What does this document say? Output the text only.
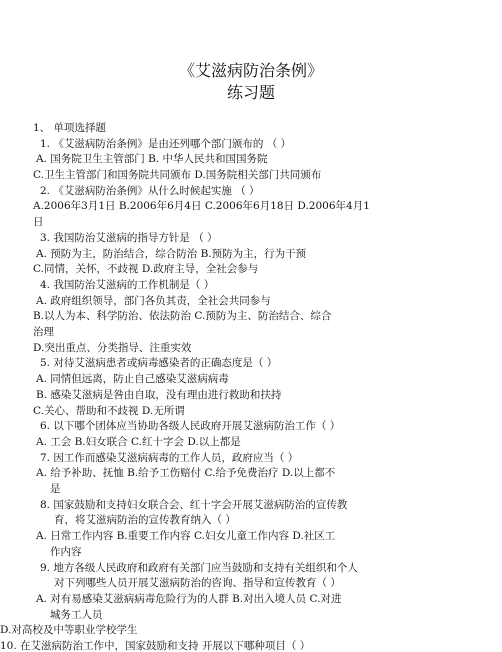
《艾滋病防治条例》
练习题
1、 单项选择题
1. 《艾滋病防治条例》是由还列哪个部门颁布的 （ ）
A. 国务院卫生主管部门 B. 中华人民共和国国务院
C.卫生主管部门和国务院共同颁布 D.国务院相关部门共同颁布
2. 《艾滋病防治条例》从什么时候起实施 （ ）
A.2006年3月1日 B.2006年6月4日 C.2006年6月18日 D.2006年4月1
日
3. 我国防治艾滋病的指导方针是 （ ）
A. 预防为主，防治结合，综合防治 B.预防为主，行为干预
C.同情，关怀，不歧视 D.政府主导，全社会参与
4. 我国防治艾滋病的工作机制是（ ）
A. 政府组织领导，部门各负其责，全社会共同参与
B.以人为本、科学防治、依法防治 C.预防为主、防治结合、综合
治理
D.突出重点、分类指导、注重实效
5. 对待艾滋病患者或病毒感染者的正确态度是（ ）
A. 同情但远离，防止自己感染艾滋病病毒
B. 感染艾滋病是咎由自取，没有理由进行救助和扶持
C.关心、帮助和不歧视 D.无所谓
6. 以下哪个团体应当协助各级人民政府开展艾滋病防治工作（ ）
A. 工会 B.妇女联合 C.红十字会 D.以上都是
7. 因工作而感染艾滋病病毒的工作人员，政府应当（ ）
A. 给予补助、抚恤 B.给予工伤赔付 C.给予免费治疗 D.以上都不
是
8. 国家鼓励和支持妇女联合会、红十字会开展艾滋病防治的宣传教
育，将艾滋病防治的宣传教育纳入（ ）
A. 日常工作内容 B.重要工作内容 C.妇女儿童工作内容 D.社区工
作内容
9. 地方各级人民政府和政府有关部门应当鼓励和支持有关组织和个人
对下列哪些人员开展艾滋病防治的咨询、指导和宣传教育（ ）
A. 对有易感染艾滋病病毒危险行为的人群 B.对出入境人员 C.对进
城务工人员
D.对高校及中等职业学校学生
10. 在艾滋病防治工作中，国家鼓励和支持 开展以下哪种项目（ ）
